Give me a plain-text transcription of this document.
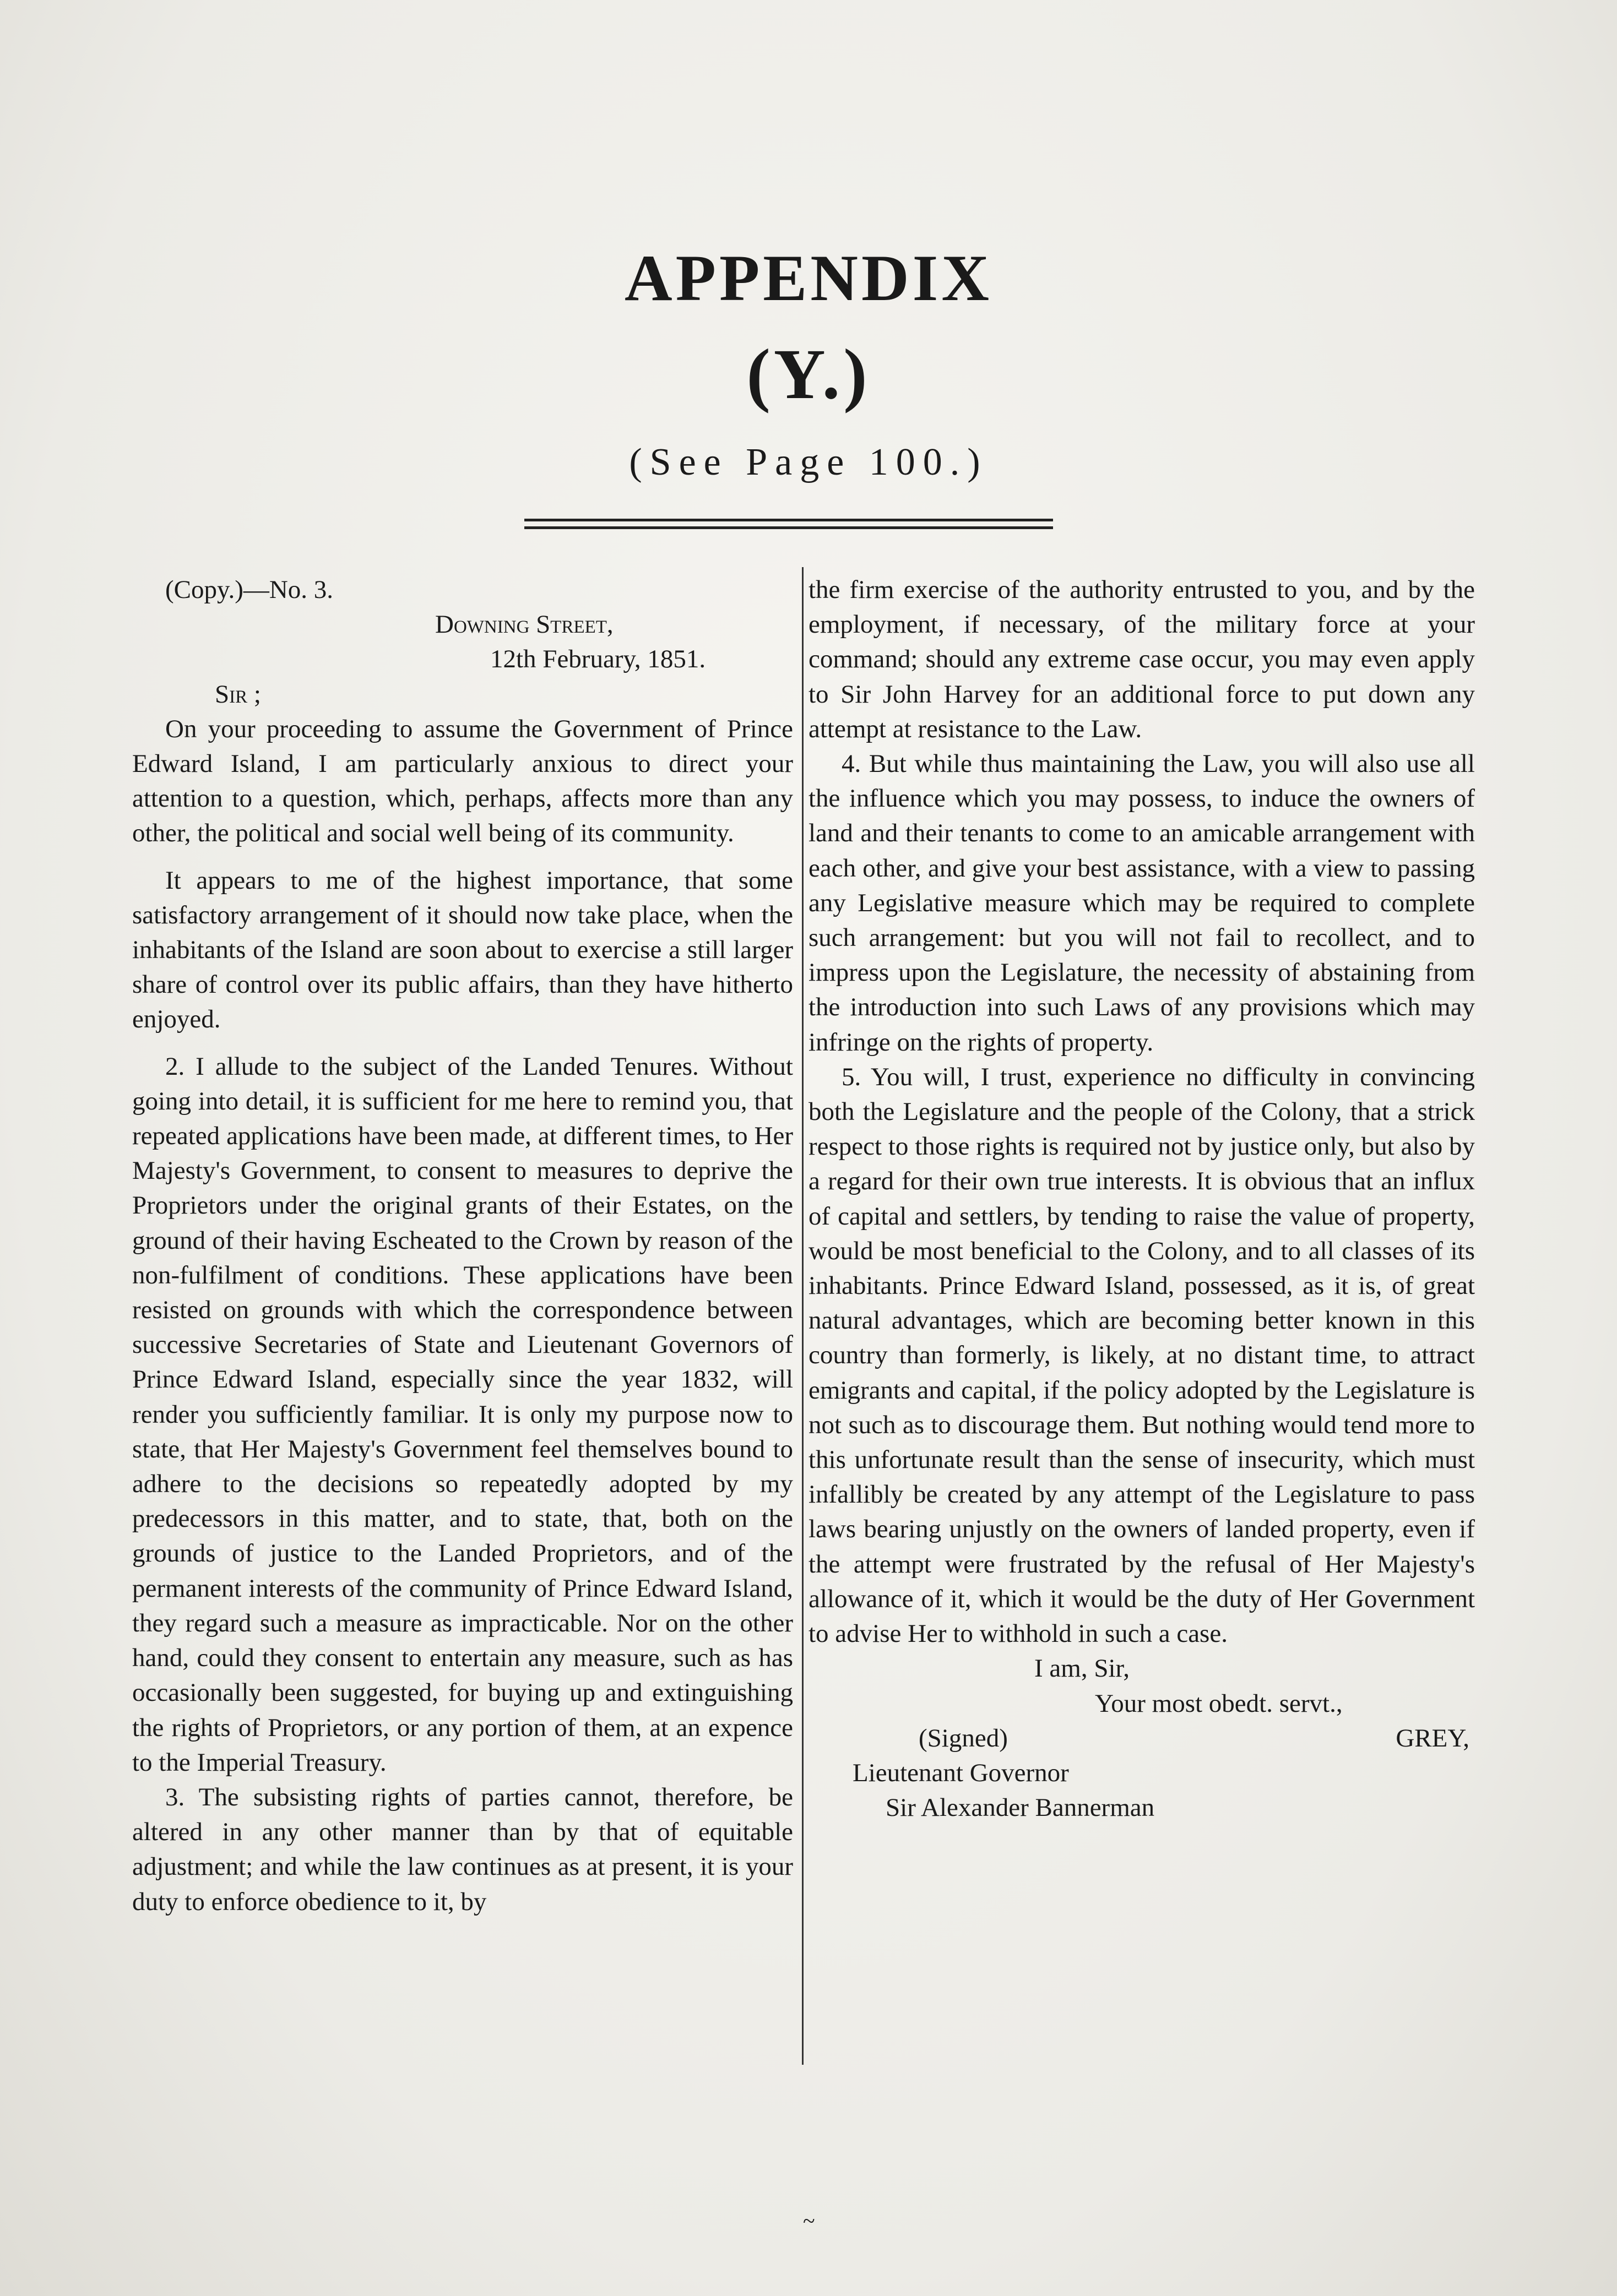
APPENDIX
(Y.)
(See Page 100.)

(Copy.)—No. 3.

Downing Street,

12th February, 1851.

Sir ;

On your proceeding to assume the Government of Prince Edward Island, I am particularly anxious to direct your attention to a question, which, perhaps, affects more than any other, the political and social well being of its community.

It appears to me of the highest importance, that some satisfactory arrangement of it should now take place, when the inhabitants of the Island are soon about to exercise a still larger share of control over its public affairs, than they have hitherto enjoyed.

2. I allude to the subject of the Landed Tenures. Without going into detail, it is sufficient for me here to remind you, that repeated applications have been made, at different times, to Her Majesty's Government, to consent to measures to deprive the Proprietors under the original grants of their Estates, on the ground of their having Escheated to the Crown by reason of the non-fulfilment of conditions. These applications have been resisted on grounds with which the correspondence between successive Secretaries of State and Lieutenant Governors of Prince Edward Island, especially since the year 1832, will render you sufficiently familiar. It is only my purpose now to state, that Her Majesty's Government feel themselves bound to adhere to the decisions so repeatedly adopted by my predecessors in this matter, and to state, that, both on the grounds of justice to the Landed Proprietors, and of the permanent interests of the community of Prince Edward Island, they regard such a measure as impracticable. Nor on the other hand, could they consent to entertain any measure, such as has occasionally been suggested, for buying up and extinguishing the rights of Proprietors, or any portion of them, at an expence to the Imperial Treasury.

3. The subsisting rights of parties cannot, therefore, be altered in any other manner than by that of equitable adjustment; and while the law continues as at present, it is your duty to enforce obedience to it, by

the firm exercise of the authority entrusted to you, and by the employment, if necessary, of the military force at your command; should any extreme case occur, you may even apply to Sir John Harvey for an additional force to put down any attempt at resistance to the Law.

4. But while thus maintaining the Law, you will also use all the influence which you may possess, to induce the owners of land and their tenants to come to an amicable arrangement with each other, and give your best assistance, with a view to passing any Legislative measure which may be required to complete such arrangement: but you will not fail to recollect, and to impress upon the Legislature, the necessity of abstaining from the introduction into such Laws of any provisions which may infringe on the rights of property.

5. You will, I trust, experience no difficulty in convincing both the Legislature and the people of the Colony, that a strick respect to those rights is required not by justice only, but also by a regard for their own true interests. It is obvious that an influx of capital and settlers, by tending to raise the value of property, would be most beneficial to the Colony, and to all classes of its inhabitants. Prince Edward Island, possessed, as it is, of great natural advantages, which are becoming better known in this country than formerly, is likely, at no distant time, to attract emigrants and capital, if the policy adopted by the Legislature is not such as to discourage them. But nothing would tend more to this unfortunate result than the sense of insecurity, which must infallibly be created by any attempt of the Legislature to pass laws bearing unjustly on the owners of landed property, even if the attempt were frustrated by the refusal of Her Majesty's allowance of it, which it would be the duty of Her Government to advise Her to withhold in such a case.

I am, Sir,

Your most obedt. servt.,

(Signed)	GREY,

Lieutenant Governor

Sir Alexander Bannerman

~
